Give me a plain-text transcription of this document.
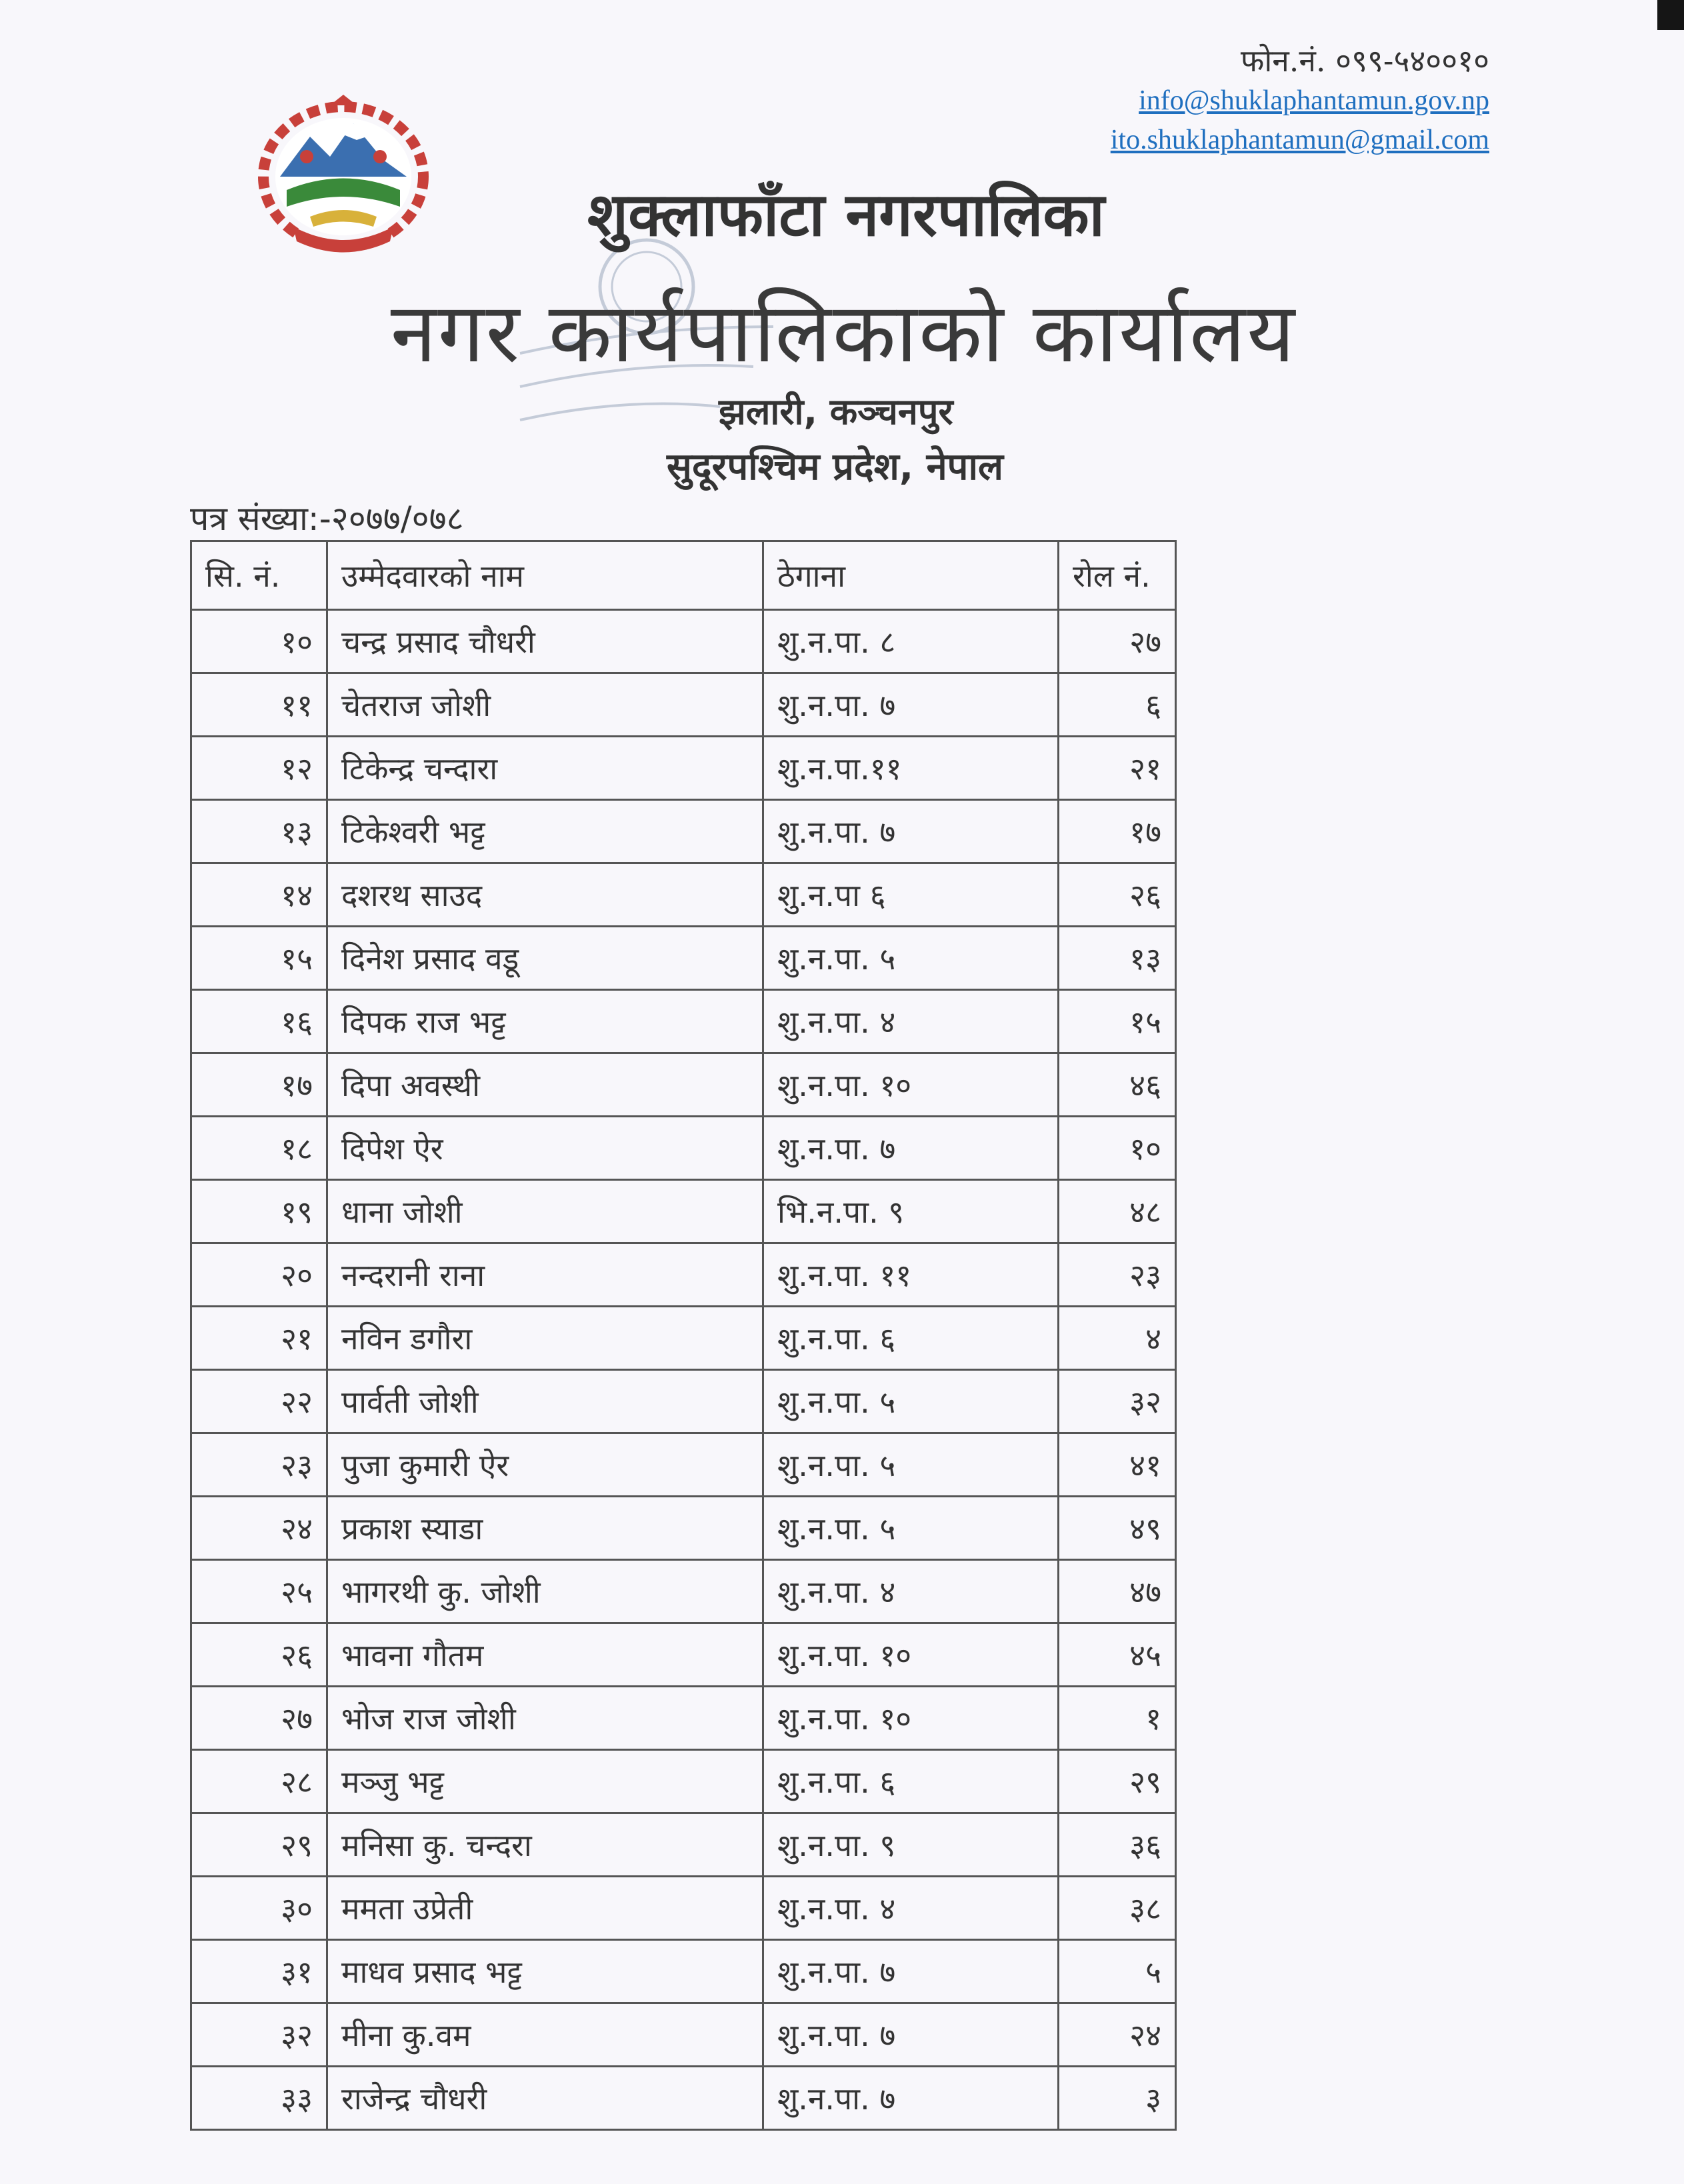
फोन.नं. ०९९-५४००१०
info@shuklaphantamun.gov.np
ito.shuklaphantamun@gmail.com
शुक्लाफाँटा नगरपालिका
नगर कार्यपालिकाको कार्यालय
झलारी, कञ्चनपुर
सुदूरपश्चिम प्रदेश, नेपाल
पत्र संख्या:-२०७७/०७८
सि. नं.	उम्मेदवारको नाम	ठेगाना	रोल नं.
१०	चन्द्र प्रसाद चौधरी	शु.न.पा. ८	२७
११	चेतराज जोशी	शु.न.पा. ७	६
१२	टिकेन्द्र चन्दारा	शु.न.पा.११	२१
१३	टिकेश्वरी भट्ट	शु.न.पा. ७	१७
१४	दशरथ साउद	शु.न.पा ६	२६
१५	दिनेश प्रसाद वडू	शु.न.पा. ५	१३
१६	दिपक राज भट्ट	शु.न.पा. ४	१५
१७	दिपा अवस्थी	शु.न.पा. १०	४६
१८	दिपेश ऐर	शु.न.पा. ७	१०
१९	धाना जोशी	भि.न.पा. ९	४८
२०	नन्दरानी राना	शु.न.पा. ११	२३
२१	नविन डगौरा	शु.न.पा. ६	४
२२	पार्वती जोशी	शु.न.पा. ५	३२
२३	पुजा कुमारी ऐर	शु.न.पा. ५	४१
२४	प्रकाश स्याडा	शु.न.पा. ५	४९
२५	भागरथी कु. जोशी	शु.न.पा. ४	४७
२६	भावना गौतम	शु.न.पा. १०	४५
२७	भोज राज जोशी	शु.न.पा. १०	१
२८	मञ्जु भट्ट	शु.न.पा. ६	२९
२९	मनिसा कु. चन्दरा	शु.न.पा. ९	३६
३०	ममता उप्रेती	शु.न.पा. ४	३८
३१	माधव प्रसाद भट्ट	शु.न.पा. ७	५
३२	मीना कु.वम	शु.न.पा. ७	२४
३३	राजेन्द्र चौधरी	शु.न.पा. ७	३
